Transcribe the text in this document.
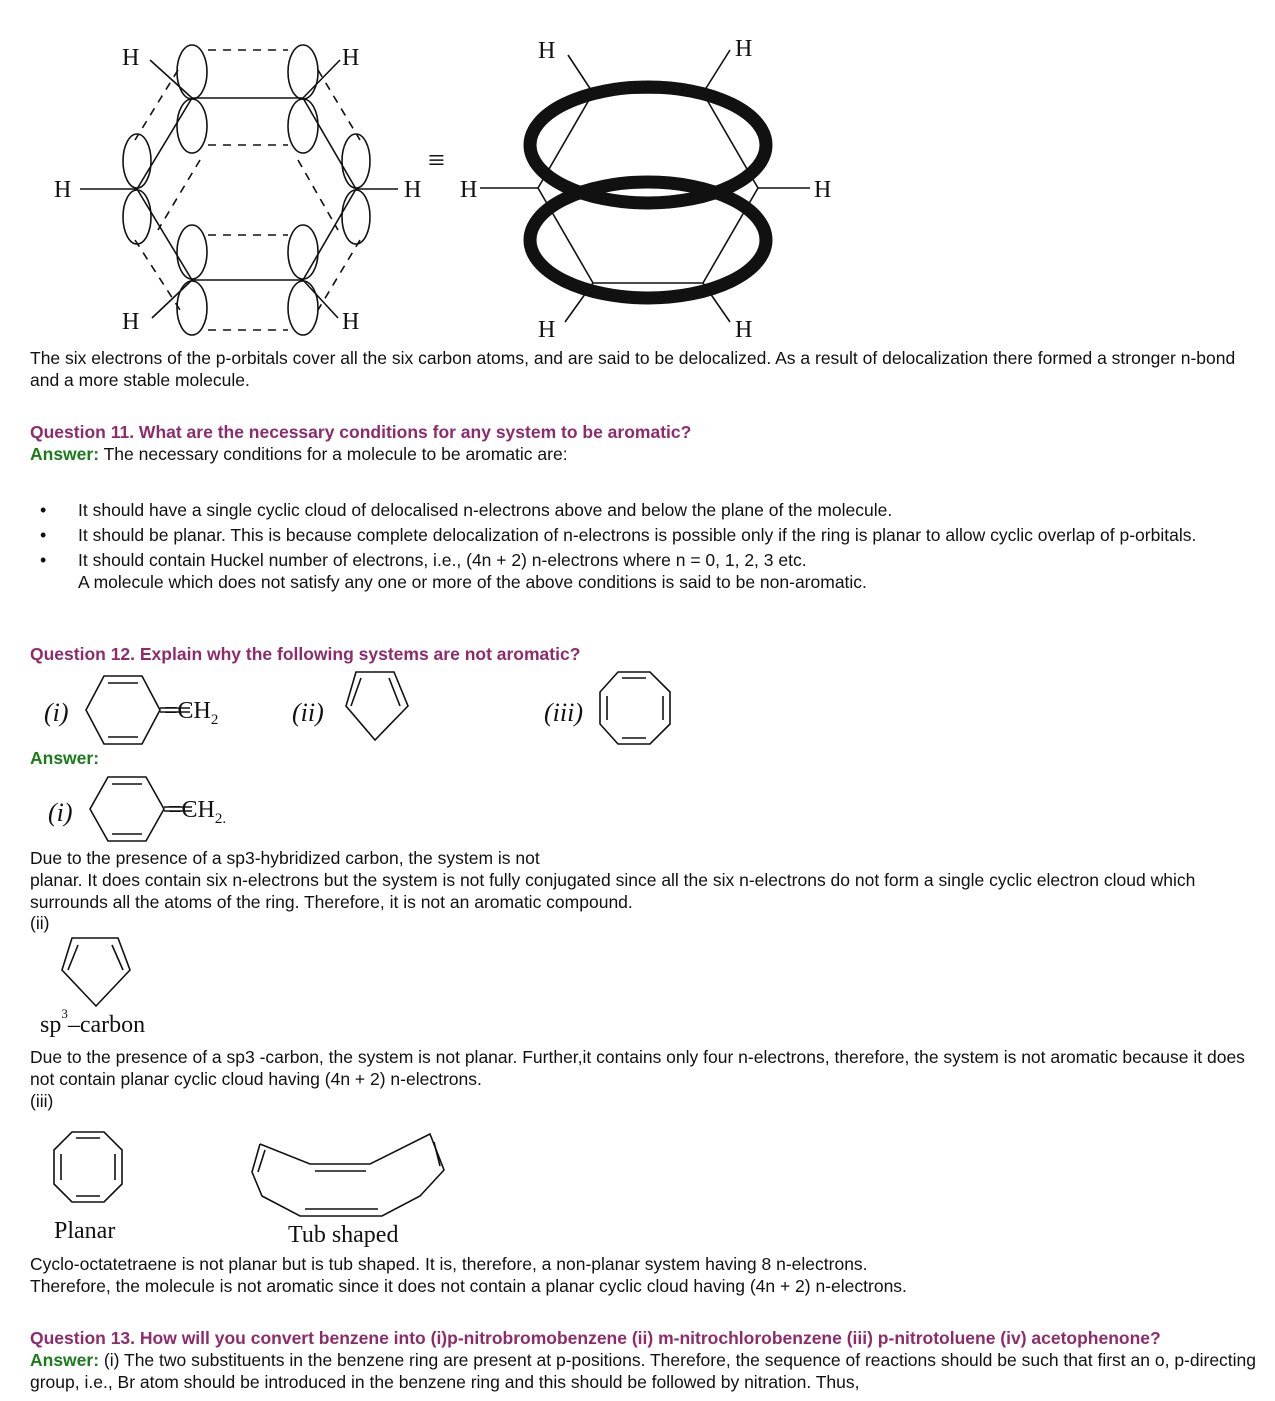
H	H
H	H
H	H
≡
H	H
H	H
H	H

The six electrons of the p-orbitals cover all the six carbon atoms, and are said to be delocalized. As a result of delocalization there formed a stronger n-bond and a more stable molecule.

Question 11. What are the necessary conditions for any system to be aromatic?

Answer: The necessary conditions for a molecule to be aromatic are:

• It should have a single cyclic cloud of delocalised n-electrons above and below the plane of the molecule.
• It should be planar. This is because complete delocalization of n-electrons is possible only if the ring is planar to allow cyclic overlap of p-orbitals.
• It should contain Huckel number of electrons, i.e., (4n + 2) n-electrons where n = 0, 1, 2, 3 etc.
A molecule which does not satisfy any one or more of the above conditions is said to be non-aromatic.

Question 12. Explain why the following systems are not aromatic?

(i)	(ii)	(iii)
$=CH_2$

Answer:

(i)	$=CH_{2.}$

Due to the presence of a sp3-hybridized carbon, the system is not

planar. It does contain six n-electrons but the system is not fully conjugated since all the six n-electrons do not form a single cyclic electron cloud which surrounds all the atoms of the ring. Therefore, it is not an aromatic compound.

(ii)

$sp^3$–carbon

Due to the presence of a sp3 -carbon, the system is not planar. Further,it contains only four n-electrons, therefore, the system is not aromatic because it does not contain planar cyclic cloud having (4n + 2) n-electrons.

(iii)

Planar	Tub shaped

Cyclo-octatetraene is not planar but is tub shaped. It is, therefore, a non-planar system having 8 n-electrons.

Therefore, the molecule is not aromatic since it does not contain a planar cyclic cloud having (4n + 2) n-electrons.

Question 13. How will you convert benzene into (i)p-nitrobromobenzene (ii) m-nitrochlorobenzene (iii) p-nitrotoluene (iv) acetophenone?

Answer: (i) The two substituents in the benzene ring are present at p-positions. Therefore, the sequence of reactions should be such that first an o, p-directing group, i.e., Br atom should be introduced in the benzene ring and this should be followed by nitration. Thus,
